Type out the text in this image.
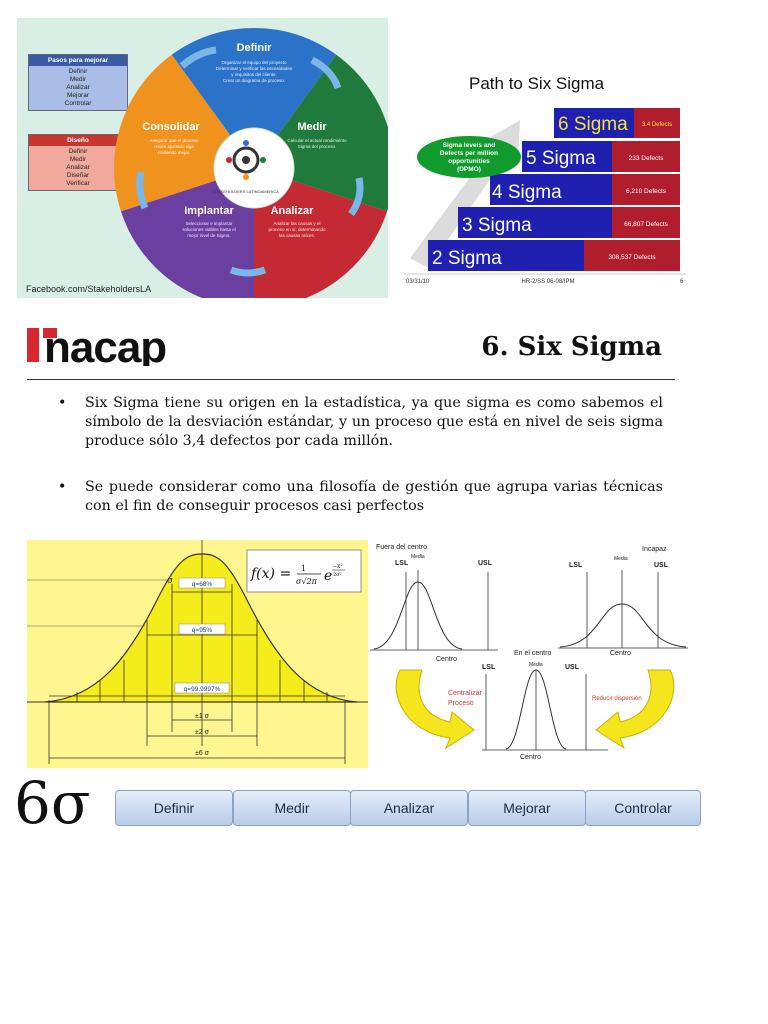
Pasos para mejorar
Definir
Medir
Analizar
Mejorar
Controlar
Diseño
Definir
Medir
Analizar
Diseñar
Verificar
STAKEHOLDERS LATINOAMERICA
Definir
Organizar el equipo del proyecto
Determinar y verificar las necesidades
y requisitos del cliente.
Crear un diagrama de proceso.
Medir
Calcular el actual rendimiento
Sigma del proceso.
Analizar
Analizar las causas y el
proceso en sí, determinando
las causas raíces.
Implantar
Seleccionar e implantar
soluciones viables hasta el
mejor nivel de Sigma.
Consolidar
Asegurar que el proceso
recién ajustado siga
rindiendo mejor.
Facebook.com/StakeholdersLA
Path to Six Sigma
2 Sigma	308,537 Defects
3 Sigma	66,807 Defects
4 Sigma	6,210 Defects
5 Sigma	233 Defects
6 Sigma 3.4 Defects
Sigma levels and
Defects per million
opportunities
(DPMO)
03/31/10	HR-2/SS 06-08/IPM	6
nacap	6. Six Sigma
• Six Sigma tiene su origen en la estadística, ya que sigma es como sabemos el símbolo de la desviación estándar, y un proceso que está en nivel de seis sigma produce sólo 3,4 defectos por cada millón.
• Se puede considerar como una filosofía de gestión que agrupa varias técnicas con el fin de conseguir procesos casi perfectos
q=68%
q=95%
q=99,9997%
±1 σ
±2 σ
±6 σ
σ	f(x) = 1
σ√2π e
−x²
2σ²
Fuera del centro
LSL
Media
USL
Centro
Incapaz
LSL
Media
USL
Centro
En el centro
LSL	Media	USL
Centro
Centralizar
Proceso
Reducir dispersión
6σ	Definir	Medir	Analizar	Mejorar	Controlar
